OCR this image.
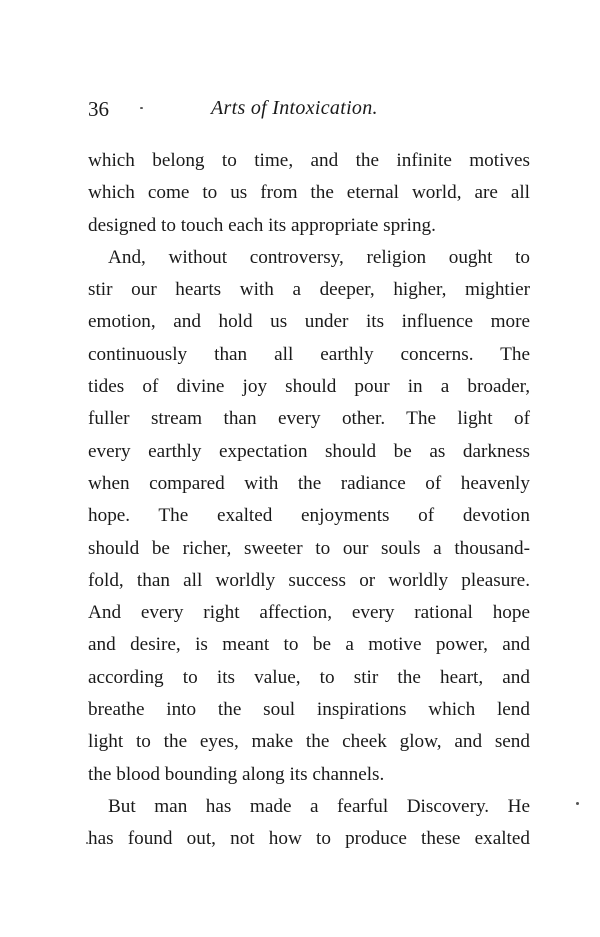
36	Arts of Intoxication.
which belong to time, and the infinite motives
which come to us from the eternal world, are all
designed to touch each its appropriate spring.
And, without controversy, religion ought to
stir our hearts with a deeper, higher, mightier
emotion, and hold us under its influence more
continuously than all earthly concerns. The
tides of divine joy should pour in a broader,
fuller stream than every other. The light of
every earthly expectation should be as darkness
when compared with the radiance of heavenly
hope. The exalted enjoyments of devotion
should be richer, sweeter to our souls a thousand-
fold, than all worldly success or worldly pleasure.
And every right affection, every rational hope
and desire, is meant to be a motive power, and
according to its value, to stir the heart, and
breathe into the soul inspirations which lend
light to the eyes, make the cheek glow, and send
the blood bounding along its channels.
But man has made a fearful Discovery. He
has found out, not how to produce these exalted
